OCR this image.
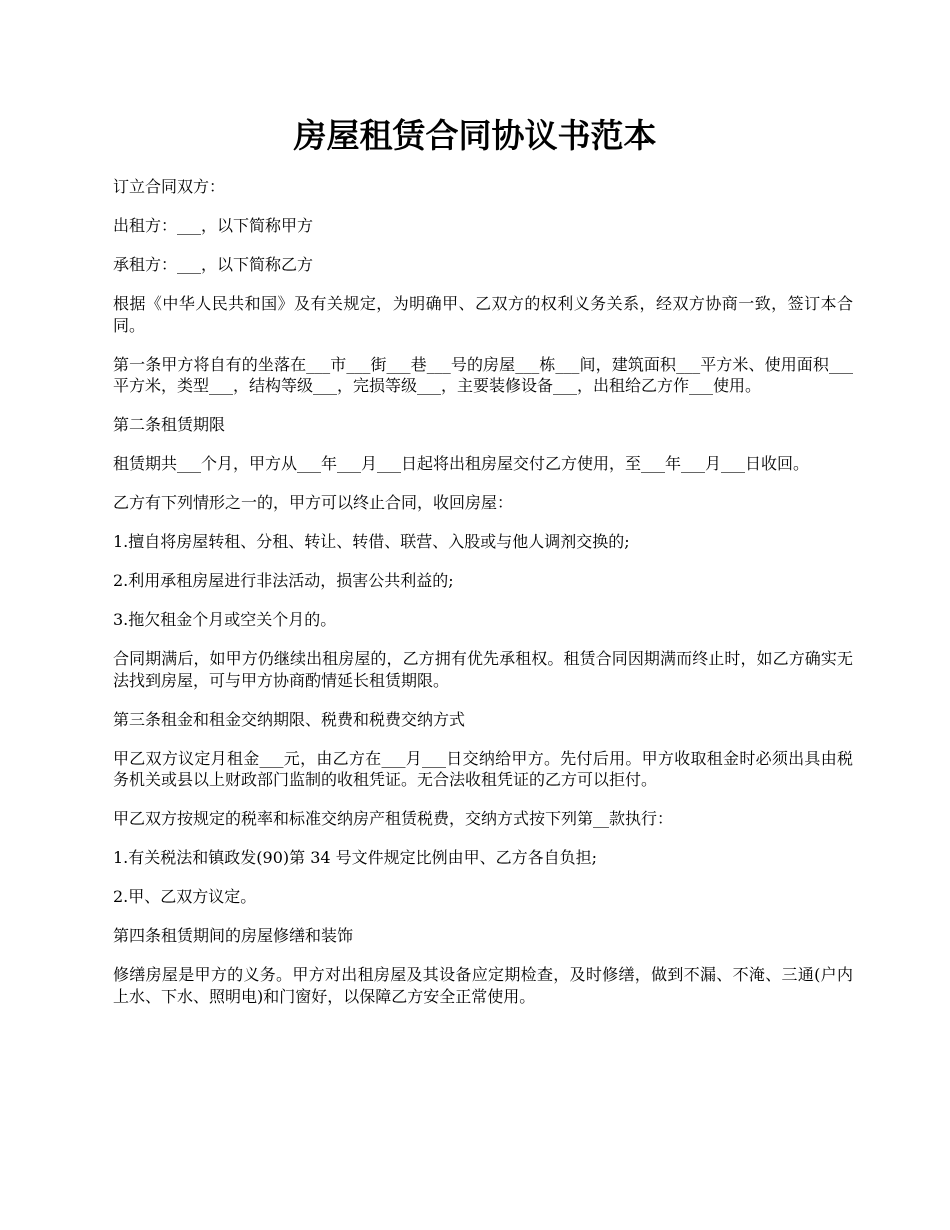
房屋租赁合同协议书范本

订立合同双方：

出租方：___，以下简称甲方

承租方：___，以下简称乙方

根据《中华人民共和国》及有关规定，为明确甲、乙双方的权利义务关系，经双方协商一致，签订本合同。

第一条甲方将自有的坐落在___市___街___巷___号的房屋___栋___间，建筑面积___平方米、使用面积___平方米，类型___，结构等级___，完损等级___，主要装修设备___，出租给乙方作___使用。

第二条租赁期限

租赁期共___个月，甲方从___年___月___日起将出租房屋交付乙方使用，至___年___月___日收回。

乙方有下列情形之一的，甲方可以终止合同，收回房屋：

1.擅自将房屋转租、分租、转让、转借、联营、入股或与他人调剂交换的;

2.利用承租房屋进行非法活动，损害公共利益的;

3.拖欠租金个月或空关个月的。

合同期满后，如甲方仍继续出租房屋的，乙方拥有优先承租权。租赁合同因期满而终止时，如乙方确实无法找到房屋，可与甲方协商酌情延长租赁期限。

第三条租金和租金交纳期限、税费和税费交纳方式

甲乙双方议定月租金___元，由乙方在___月___日交纳给甲方。先付后用。甲方收取租金时必须出具由税务机关或县以上财政部门监制的收租凭证。无合法收租凭证的乙方可以拒付。

甲乙双方按规定的税率和标准交纳房产租赁税费，交纳方式按下列第__款执行：

1.有关税法和镇政发(90)第 34 号文件规定比例由甲、乙方各自负担;

2.甲、乙双方议定。

第四条租赁期间的房屋修缮和装饰

修缮房屋是甲方的义务。甲方对出租房屋及其设备应定期检查，及时修缮，做到不漏、不淹、三通(户内上水、下水、照明电)和门窗好，以保障乙方安全正常使用。
